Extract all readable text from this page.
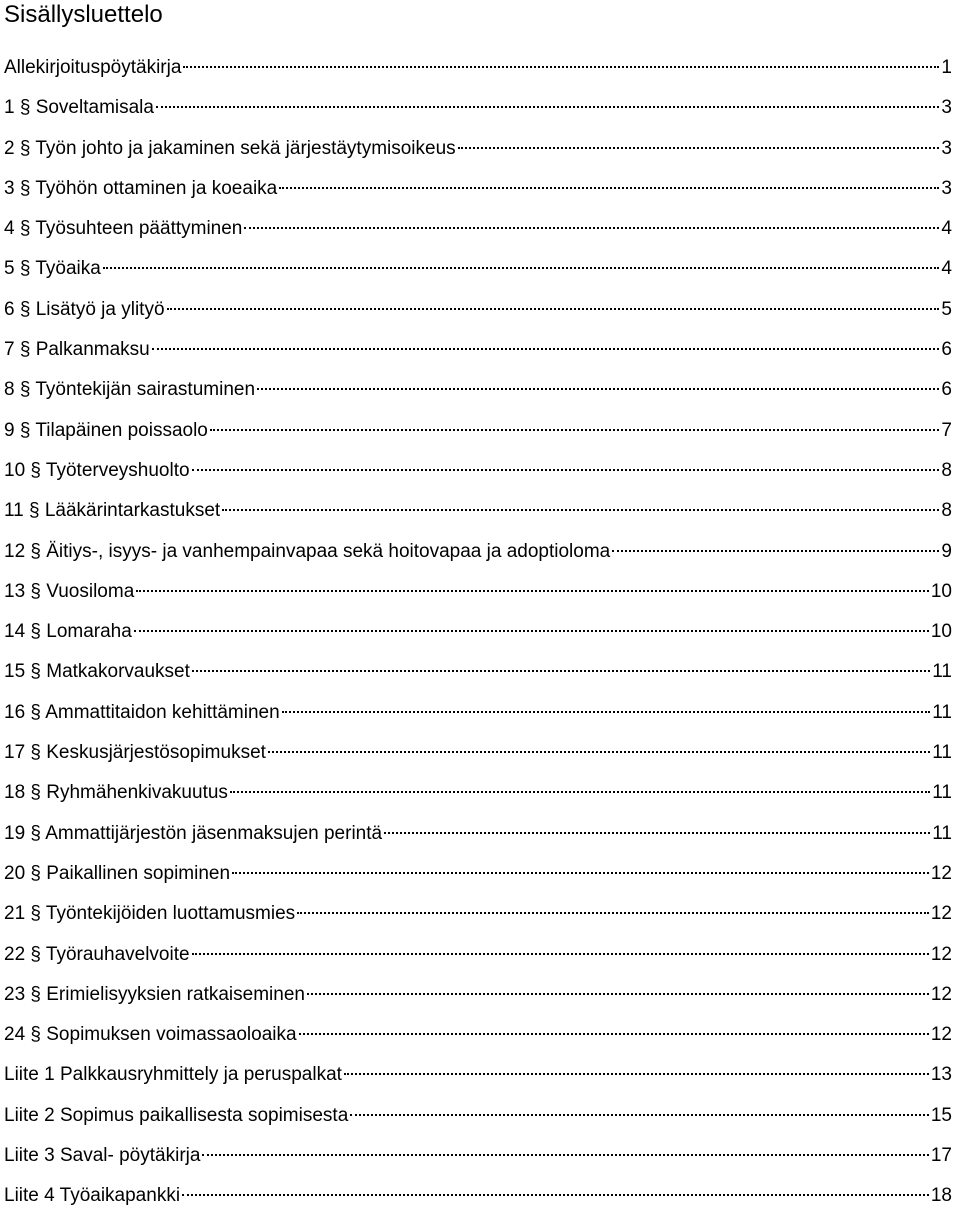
Sisällysluettelo
Allekirjoituspöytäkirja	1
1 § Soveltamisala	3
2 § Työn johto ja jakaminen sekä järjestäytymisoikeus	3
3 § Työhön ottaminen ja koeaika	3
4 § Työsuhteen päättyminen	4
5 § Työaika	4
6 § Lisätyö ja ylityö	5
7 § Palkanmaksu	6
8 § Työntekijän sairastuminen	6
9 § Tilapäinen poissaolo	7
10 § Työterveyshuolto	8
11 § Lääkärintarkastukset	8
12 § Äitiys-, isyys- ja vanhempainvapaa sekä hoitovapaa ja adoptioloma	9
13 § Vuosiloma	10
14 § Lomaraha	10
15 § Matkakorvaukset	11
16 § Ammattitaidon kehittäminen	11
17 § Keskusjärjestösopimukset	11
18 § Ryhmähenkivakuutus	11
19 § Ammattijärjestön jäsenmaksujen perintä	11
20 § Paikallinen sopiminen	12
21 § Työntekijöiden luottamusmies	12
22 § Työrauhavelvoite	12
23 § Erimielisyyksien ratkaiseminen	12
24 § Sopimuksen voimassaoloaika	12
Liite 1 Palkkausryhmittely ja peruspalkat	13
Liite 2 Sopimus paikallisesta sopimisesta	15
Liite 3 Saval- pöytäkirja	17
Liite 4 Työaikapankki	18
